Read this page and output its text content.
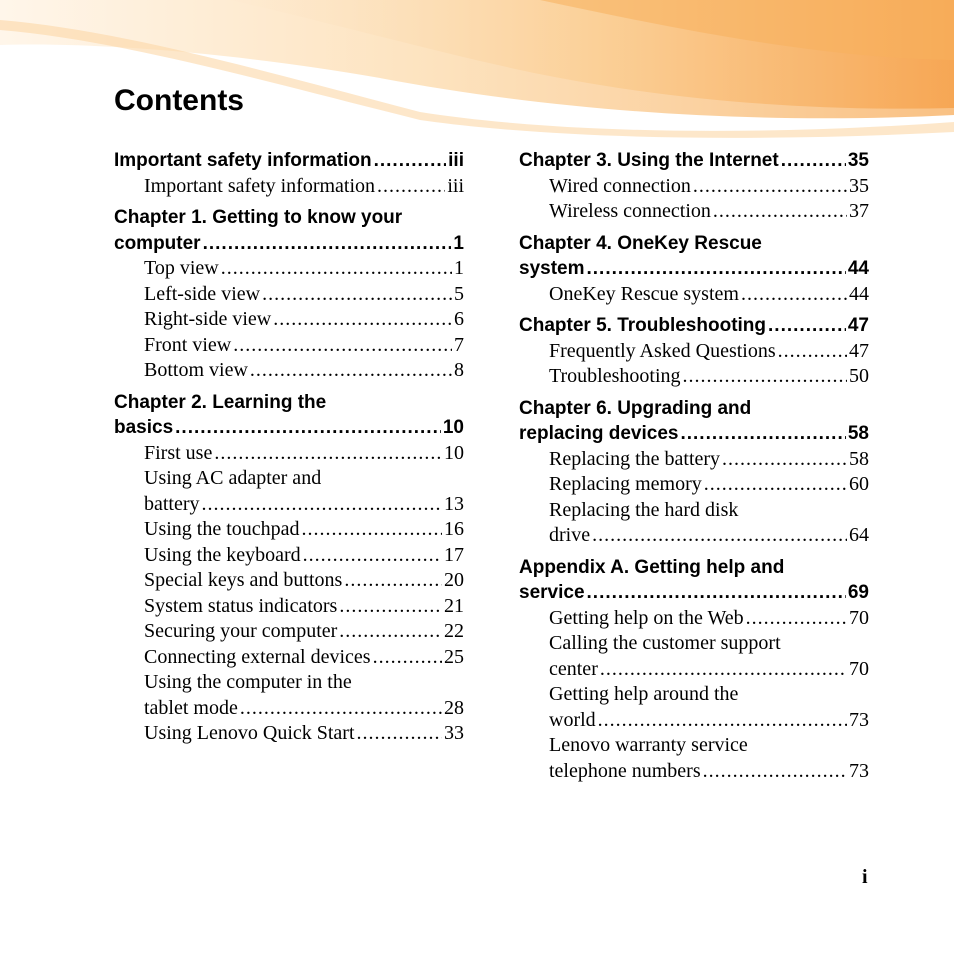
Contents
Important safety information .....	iii
Important safety information .....	iii
Chapter 1. Getting to know your
computer .....	1
Top view .....	1
Left-side view .....	5
Right-side view .....	6
Front view .....	7
Bottom view .....	8
Chapter 2. Learning the
basics .....	10
First use .....	10
Using AC adapter and
battery .....	13
Using the touchpad .....	16
Using the keyboard .....	17
Special keys and buttons .....	20
System status indicators .....	21
Securing your computer .....	22
Connecting external devices .....	25
Using the computer in the
tablet mode .....	28
Using Lenovo Quick Start .....	33
Chapter 3. Using the Internet .....	35
Wired connection .....	35
Wireless connection .....	37
Chapter 4. OneKey Rescue
system .....	44
OneKey Rescue system .....	44
Chapter 5. Troubleshooting .....	47
Frequently Asked Questions .....	47
Troubleshooting .....	50
Chapter 6. Upgrading and
replacing devices .....	58
Replacing the battery .....	58
Replacing memory .....	60
Replacing the hard disk
drive .....	64
Appendix A. Getting help and
service .....	69
Getting help on the Web .....	70
Calling the customer support
center .....	70
Getting help around the
world .....	73
Lenovo warranty service
telephone numbers .....	73
i
